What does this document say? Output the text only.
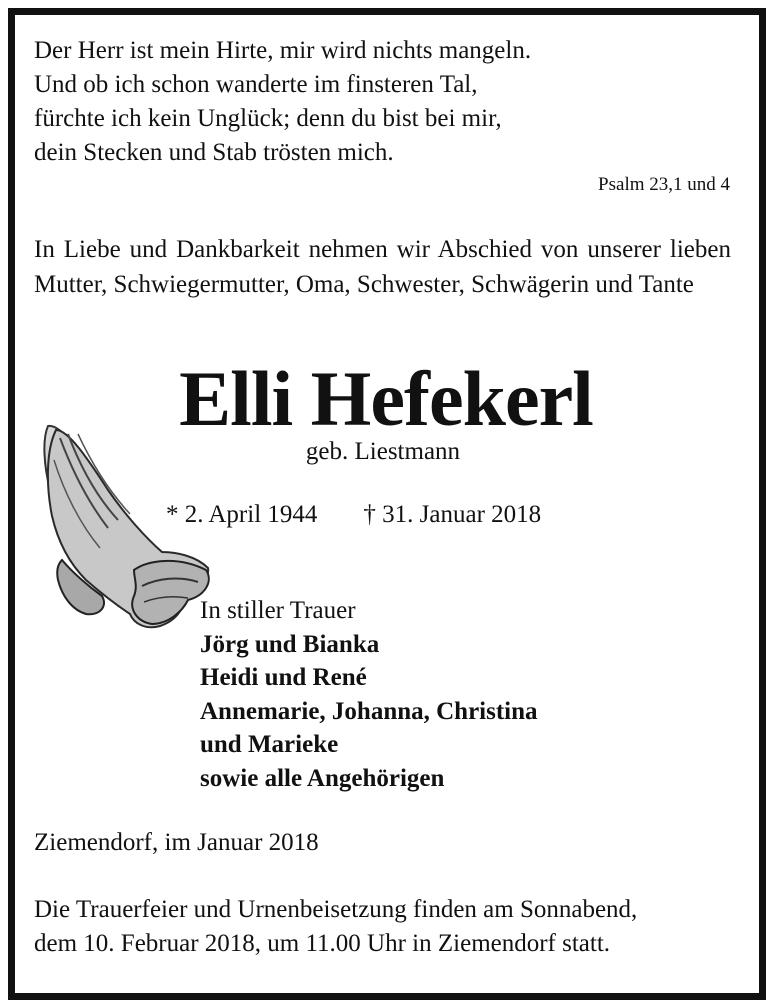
Der Herr ist mein Hirte, mir wird nichts mangeln.
Und ob ich schon wanderte im finsteren Tal,
fürchte ich kein Unglück; denn du bist bei mir,
dein Stecken und Stab trösten mich.
Psalm 23,1 und 4
In Liebe und Dankbarkeit nehmen wir Abschied von unserer lieben Mutter, Schwiegermutter, Oma, Schwester, Schwägerin und Tante
Elli Hefekerl
geb. Liestmann
* 2. April 1944 † 31. Januar 2018
In stiller Trauer
Jörg und Bianka
Heidi und René
Annemarie, Johanna, Christina
und Marieke
sowie alle Angehörigen
Ziemendorf, im Januar 2018
Die Trauerfeier und Urnenbeisetzung finden am Sonnabend,
dem 10. Februar 2018, um 11.00 Uhr in Ziemendorf statt.
